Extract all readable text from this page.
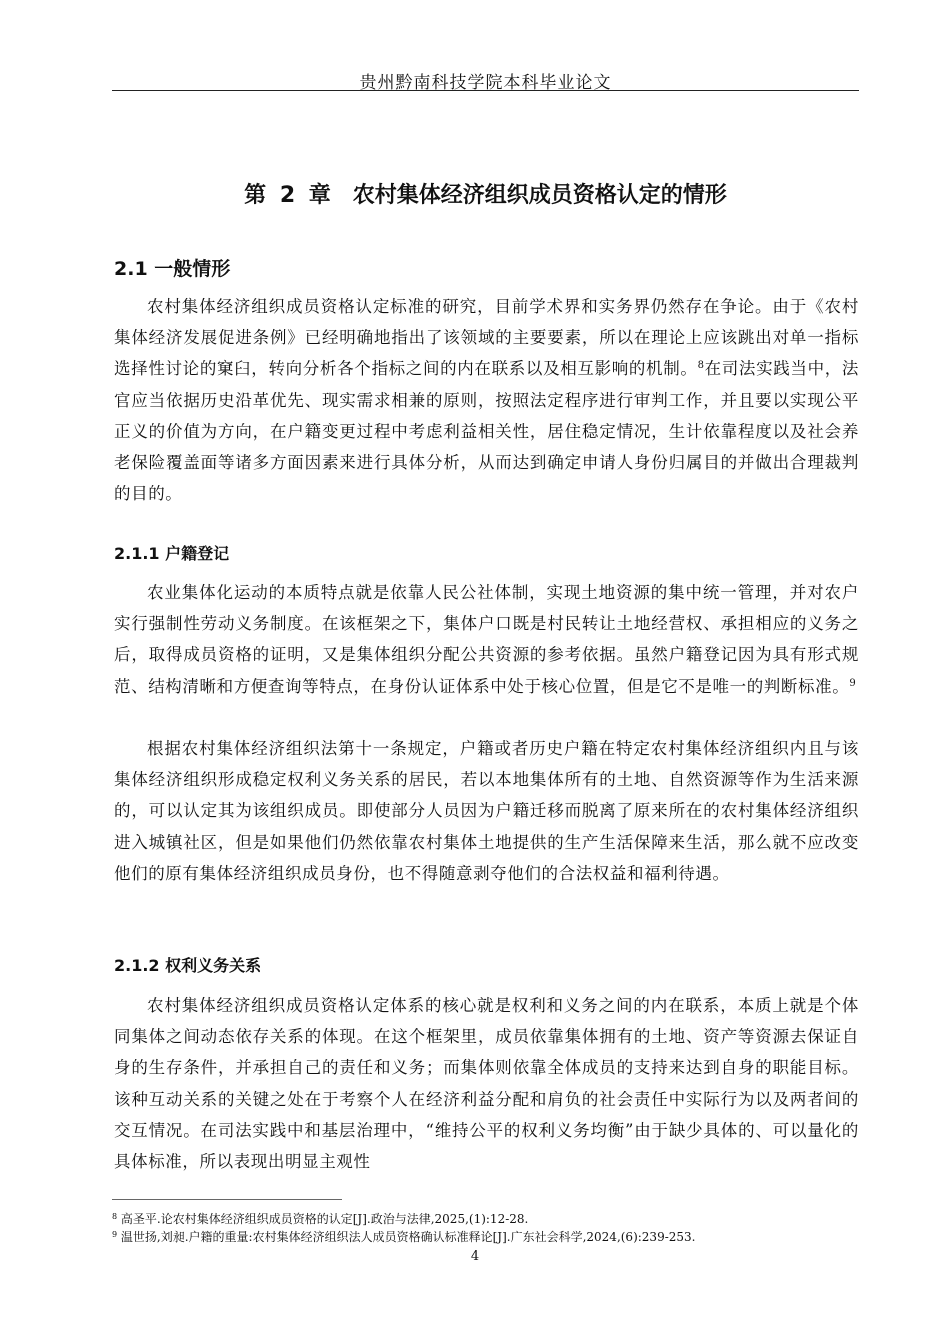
贵州黔南科技学院本科毕业论文
第 2 章　农村集体经济组织成员资格认定的情形
2.1 一般情形

农村集体经济组织成员资格认定标准的研究，目前学术界和实务界仍然存在争论。由于《农村集体经济发展促进条例》已经明确地指出了该领域的主要要素，所以在理论上应该跳出对单一指标选择性讨论的窠臼，转向分析各个指标之间的内在联系以及相互影响的机制。$^8$在司法实践当中，法官应当依据历史沿革优先、现实需求相兼的原则，按照法定程序进行审判工作，并且要以实现公平正义的价值为方向，在户籍变更过程中考虑利益相关性，居住稳定情况，生计依靠程度以及社会养老保险覆盖面等诸多方面因素来进行具体分析，从而达到确定申请人身份归属目的并做出合理裁判的目的。

2.1.1 户籍登记

农业集体化运动的本质特点就是依靠人民公社体制，实现土地资源的集中统一管理，并对农户实行强制性劳动义务制度。在该框架之下，集体户口既是村民转让土地经营权、承担相应的义务之后，取得成员资格的证明，又是集体组织分配公共资源的参考依据。虽然户籍登记因为具有形式规范、结构清晰和方便查询等特点，在身份认证体系中处于核心位置，但是它不是唯一的判断标准。$^9$

根据农村集体经济组织法第十一条规定，户籍或者历史户籍在特定农村集体经济组织内且与该集体经济组织形成稳定权利义务关系的居民，若以本地集体所有的土地、自然资源等作为生活来源的，可以认定其为该组织成员。即使部分人员因为户籍迁移而脱离了原来所在的农村集体经济组织进入城镇社区，但是如果他们仍然依靠农村集体土地提供的生产生活保障来生活，那么就不应改变他们的原有集体经济组织成员身份，也不得随意剥夺他们的合法权益和福利待遇。

2.1.2 权利义务关系

农村集体经济组织成员资格认定体系的核心就是权利和义务之间的内在联系，本质上就是个体同集体之间动态依存关系的体现。在这个框架里，成员依靠集体拥有的土地、资产等资源去保证自身的生存条件，并承担自己的责任和义务；而集体则依靠全体成员的支持来达到自身的职能目标。该种互动关系的关键之处在于考察个人在经济利益分配和肩负的社会责任中实际行为以及两者间的交互情况。在司法实践中和基层治理中，“维持公平的权利义务均衡”由于缺少具体的、可以量化的具体标准，所以表现出明显主观性

$^8$ 高圣平.论农村集体经济组织成员资格的认定[J].政治与法律,2025,(1):12-28.
$^9$ 温世扬,刘昶.户籍的重量:农村集体经济组织法人成员资格确认标准释论[J].广东社会科学,2024,(6):239-253.
4
